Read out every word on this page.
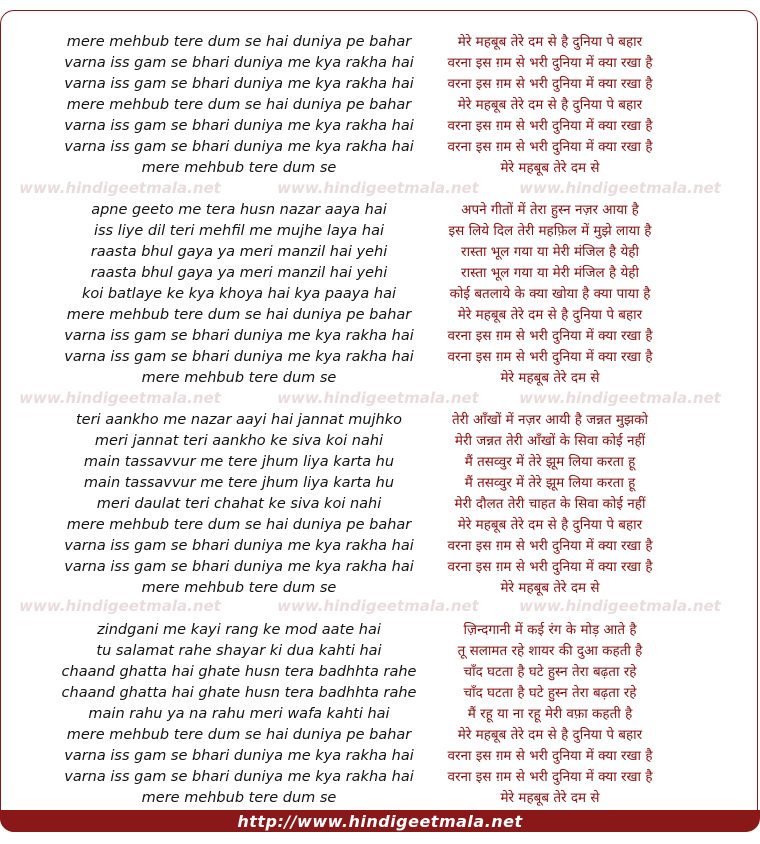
www.hindigeetmala.net	www.hindigeetmala.net	www.hindigeetmala.net
www.hindigeetmala.net	www.hindigeetmala.net	www.hindigeetmala.net
www.hindigeetmala.net	www.hindigeetmala.net	www.hindigeetmala.net
mere mehbub tere dum se hai duniya pe bahar
varna iss gam se bhari duniya me kya rakha hai
varna iss gam se bhari duniya me kya rakha hai
mere mehbub tere dum se hai duniya pe bahar
varna iss gam se bhari duniya me kya rakha hai
varna iss gam se bhari duniya me kya rakha hai
mere mehbub tere dum se
मेरे महबूब तेरे दम से है दुनिया पे बहार
वरना इस ग़म से भरी दुनिया में क्या रखा है
वरना इस ग़म से भरी दुनिया में क्या रखा है
मेरे महबूब तेरे दम से है दुनिया पे बहार
वरना इस ग़म से भरी दुनिया में क्या रखा है
वरना इस ग़म से भरी दुनिया में क्या रखा है
मेरे महबूब तेरे दम से
apne geeto me tera husn nazar aaya hai
iss liye dil teri mehfil me mujhe laya hai
raasta bhul gaya ya meri manzil hai yehi
raasta bhul gaya ya meri manzil hai yehi
koi batlaye ke kya khoya hai kya paaya hai
mere mehbub tere dum se hai duniya pe bahar
varna iss gam se bhari duniya me kya rakha hai
varna iss gam se bhari duniya me kya rakha hai
mere mehbub tere dum se
अपने गीतों में तेरा हुस्न नज़र आया है
इस लिये दिल तेरी महफ़िल में मुझे लाया है
रास्ता भूल गया या मेरी मंजिल है येही
रास्ता भूल गया या मेरी मंजिल है येही
कोई बतलाये के क्या खोया है क्या पाया है
मेरे महबूब तेरे दम से है दुनिया पे बहार
वरना इस ग़म से भरी दुनिया में क्या रखा है
वरना इस ग़म से भरी दुनिया में क्या रखा है
मेरे महबूब तेरे दम से
teri aankho me nazar aayi hai jannat mujhko
meri jannat teri aankho ke siva koi nahi
main tassavvur me tere jhum liya karta hu
main tassavvur me tere jhum liya karta hu
meri daulat teri chahat ke siva koi nahi
mere mehbub tere dum se hai duniya pe bahar
varna iss gam se bhari duniya me kya rakha hai
varna iss gam se bhari duniya me kya rakha hai
mere mehbub tere dum se
तेरी आँखों में नज़र आयी है जन्नत मुझको
मेरी जन्नत तेरी आँखों के सिवा कोई नहीं
मैं तसव्वुर में तेरे झूम लिया करता हू
मैं तसव्वुर में तेरे झूम लिया करता हू
मेरी दौलत तेरी चाहत के सिवा कोई नहीं
मेरे महबूब तेरे दम से है दुनिया पे बहार
वरना इस ग़म से भरी दुनिया में क्या रखा है
वरना इस ग़म से भरी दुनिया में क्या रखा है
मेरे महबूब तेरे दम से
zindgani me kayi rang ke mod aate hai
tu salamat rahe shayar ki dua kahti hai
chaand ghatta hai ghate husn tera badhhta rahe
chaand ghatta hai ghate husn tera badhhta rahe
main rahu ya na rahu meri wafa kahti hai
mere mehbub tere dum se hai duniya pe bahar
varna iss gam se bhari duniya me kya rakha hai
varna iss gam se bhari duniya me kya rakha hai
mere mehbub tere dum se
ज़िन्दगानी में कई रंग के मोड़ आते है
तू सलामत रहे शायर की दुआ कहती है
चाँद घटता है घटे हुस्न तेरा बढ़ता रहे
चाँद घटता है घटे हुस्न तेरा बढ़ता रहे
मैं रहू या ना रहू मेरी वफ़ा कहती है
मेरे महबूब तेरे दम से है दुनिया पे बहार
वरना इस ग़म से भरी दुनिया में क्या रखा है
वरना इस ग़म से भरी दुनिया में क्या रखा है
मेरे महबूब तेरे दम से
http://www.hindigeetmala.net
